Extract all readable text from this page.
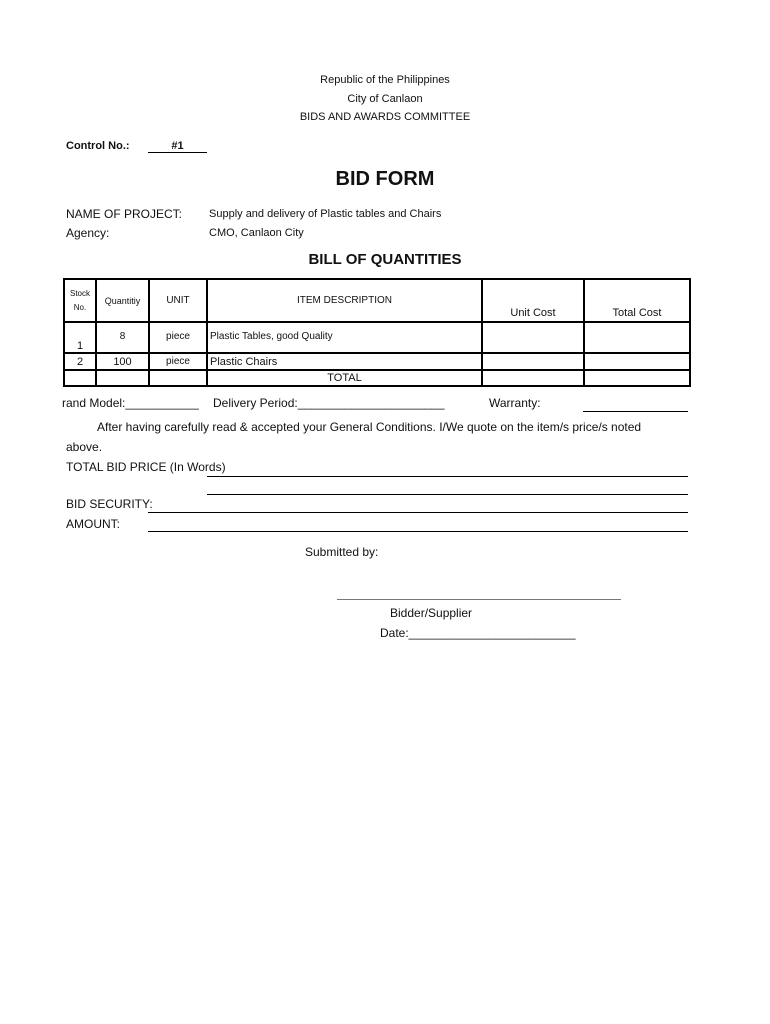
Republic of the Philippines
City of Canlaon
BIDS AND AWARDS COMMITTEE
Control No.:	#1
BID FORM
NAME OF PROJECT: Supply and delivery of Plastic tables and Chairs
Agency:	CMO, Canlaon City
BILL OF QUANTITIES
Stock
No.	Quantitiy	UNIT	ITEM DESCRIPTION	Unit Cost	Total Cost
1	8	piece	Plastic Tables, good Quality		
2	100	piece	Plastic Chairs		
			TOTAL		
rand Model:___________ Delivery Period:______________________	Warranty:
After having carefully read & accepted your General Conditions. I/We quote on the item/s price/s noted
above.
TOTAL BID PRICE (In Words)
BID SECURITY:
AMOUNT:
Submitted by:
Bidder/Supplier
Date:_________________________
